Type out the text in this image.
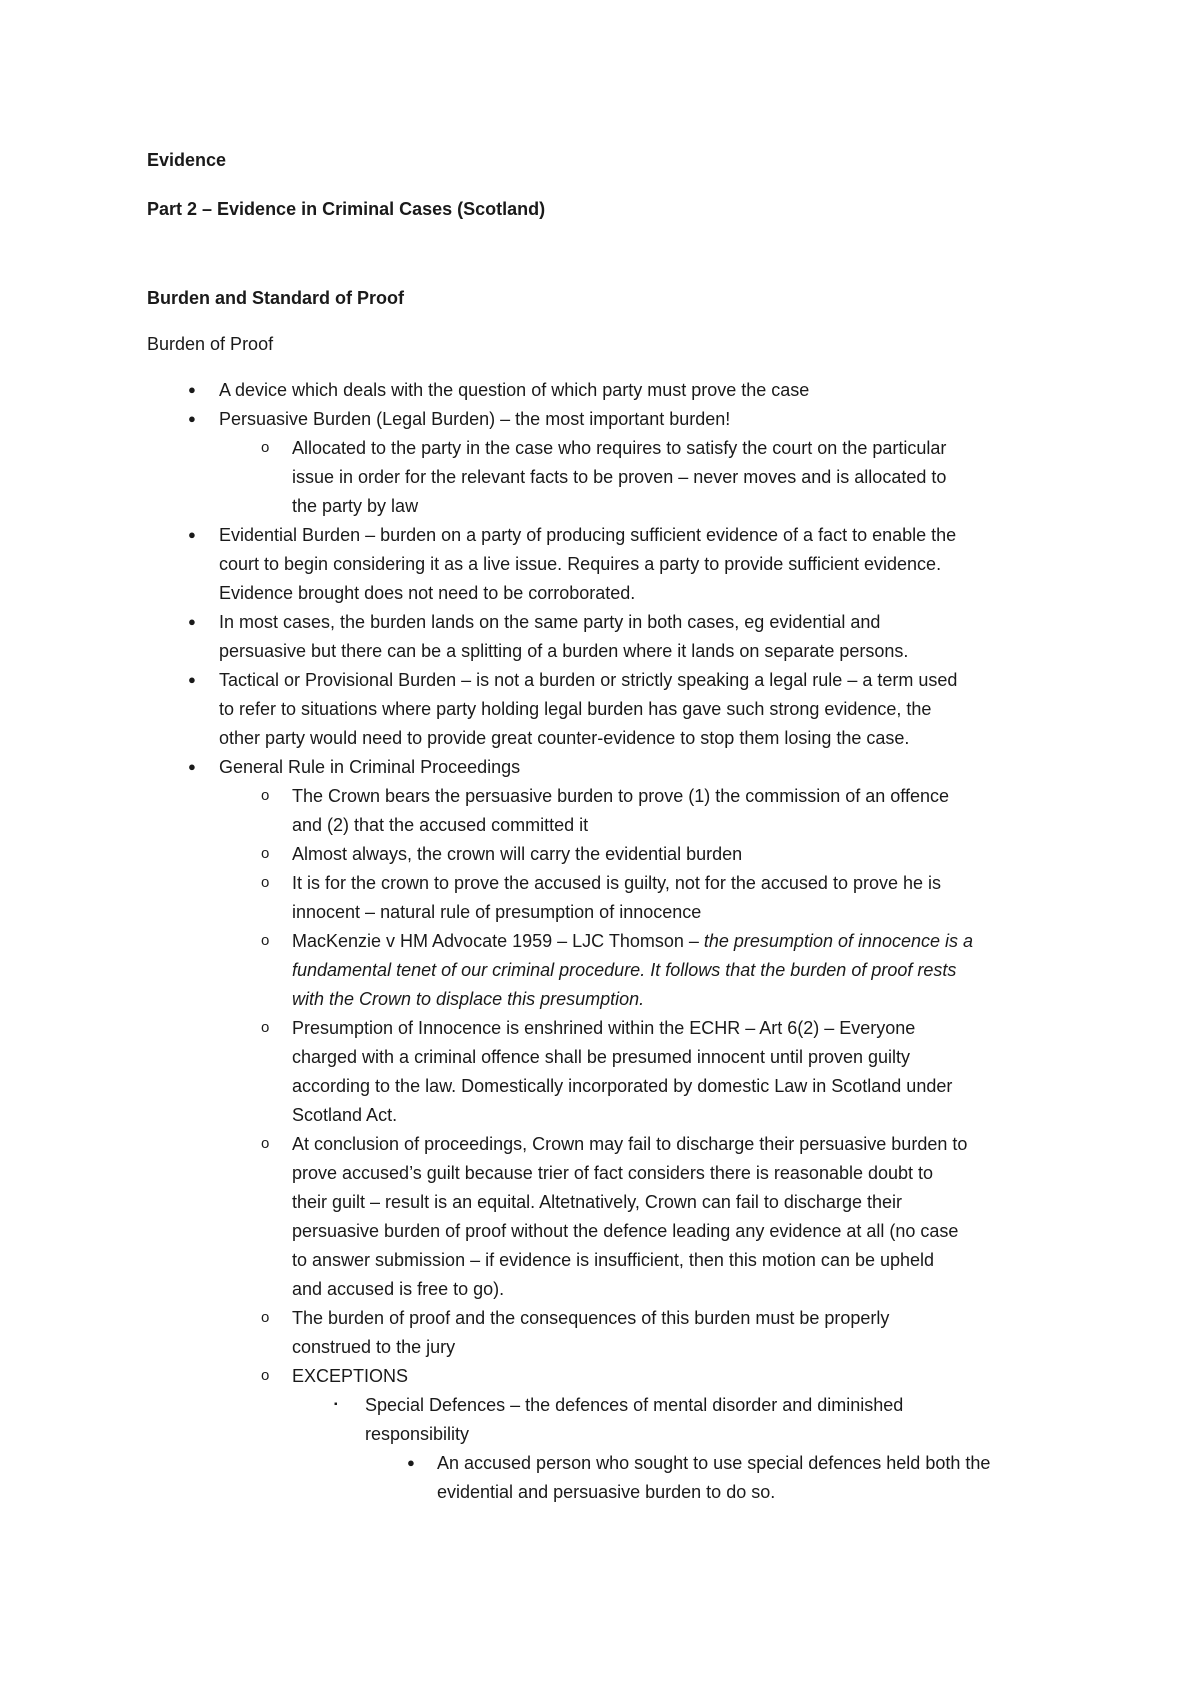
Evidence
Part 2 – Evidence in Criminal Cases (Scotland)
Burden and Standard of Proof
Burden of Proof
● A device which deals with the question of which party must prove the case
● Persuasive Burden (Legal Burden) – the most important burden!
o Allocated to the party in the case who requires to satisfy the court on the particular
issue in order for the relevant facts to be proven – never moves and is allocated to
the party by law
● Evidential Burden – burden on a party of producing sufficient evidence of a fact to enable the
court to begin considering it as a live issue. Requires a party to provide sufficient evidence.
Evidence brought does not need to be corroborated.
● In most cases, the burden lands on the same party in both cases, eg evidential and
persuasive but there can be a splitting of a burden where it lands on separate persons.
● Tactical or Provisional Burden – is not a burden or strictly speaking a legal rule – a term used
to refer to situations where party holding legal burden has gave such strong evidence, the
other party would need to provide great counter-evidence to stop them losing the case.
● General Rule in Criminal Proceedings
o The Crown bears the persuasive burden to prove (1) the commission of an offence
and (2) that the accused committed it
o Almost always, the crown will carry the evidential burden
o It is for the crown to prove the accused is guilty, not for the accused to prove he is
innocent – natural rule of presumption of innocence
o MacKenzie v HM Advocate 1959 – LJC Thomson – the presumption of innocence is a
fundamental tenet of our criminal procedure. It follows that the burden of proof rests
with the Crown to displace this presumption.
o Presumption of Innocence is enshrined within the ECHR – Art 6(2) – Everyone
charged with a criminal offence shall be presumed innocent until proven guilty
according to the law. Domestically incorporated by domestic Law in Scotland under
Scotland Act.
o At conclusion of proceedings, Crown may fail to discharge their persuasive burden to
prove accused’s guilt because trier of fact considers there is reasonable doubt to
their guilt – result is an equital. Altetnatively, Crown can fail to discharge their
persuasive burden of proof without the defence leading any evidence at all (no case
to answer submission – if evidence is insufficient, then this motion can be upheld
and accused is free to go).
o The burden of proof and the consequences of this burden must be properly
construed to the jury
o EXCEPTIONS
▪ Special Defences – the defences of mental disorder and diminished
responsibility
● An accused person who sought to use special defences held both the
evidential and persuasive burden to do so.
